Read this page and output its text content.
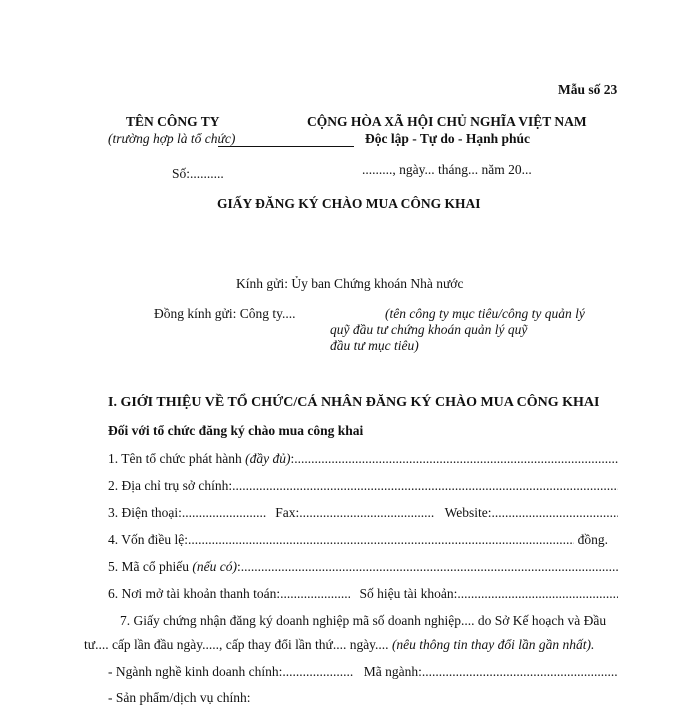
Mẫu số 23
TÊN CÔNG TY
(trường hợp là tổ chức)
CỘNG HÒA XÃ HỘI CHỦ NGHĨA VIỆT NAM
Độc lập - Tự do - Hạnh phúc
Số:..........	........., ngày... tháng... năm 20...
GIẤY ĐĂNG KÝ CHÀO MUA CÔNG KHAI
Kính gửi: Ủy ban Chứng khoán Nhà nước
Đồng kính gửi: Công ty....	(tên công ty mục tiêu/công ty quản lý
quỹ đầu tư chứng khoán quản lý quỹ
đầu tư mục tiêu)
I. GIỚI THIỆU VỀ TỔ CHỨC/CÁ NHÂN ĐĂNG KÝ CHÀO MUA CÔNG KHAI
Đối với tổ chức đăng ký chào mua công khai
1. Tên tổ chức phát hành
(đầy đủ) :
.....
2. Địa chỉ trụ sở chính:
.....
3. Điện thoại: .....
	Fax: .....
	Website:
.....
4. Vốn điều lệ: .....
	đồng.
5. Mã cổ phiếu
(nếu có) :
.....
6. Nơi mở tài khoản thanh toán: .....
	Số hiệu tài khoản:
.....
7. Giấy chứng nhận đăng ký doanh nghiệp mã số doanh nghiệp.... do Sở Kế hoạch và Đầu
tư.... cấp lần đầu ngày....., cấp thay đổi lần thứ.... ngày.... (nêu thông tin thay đổi lần gần nhất).
- Ngành nghề kinh doanh chính: .....
	Mã ngành:
.....
- Sản phẩm/dịch vụ chính:
